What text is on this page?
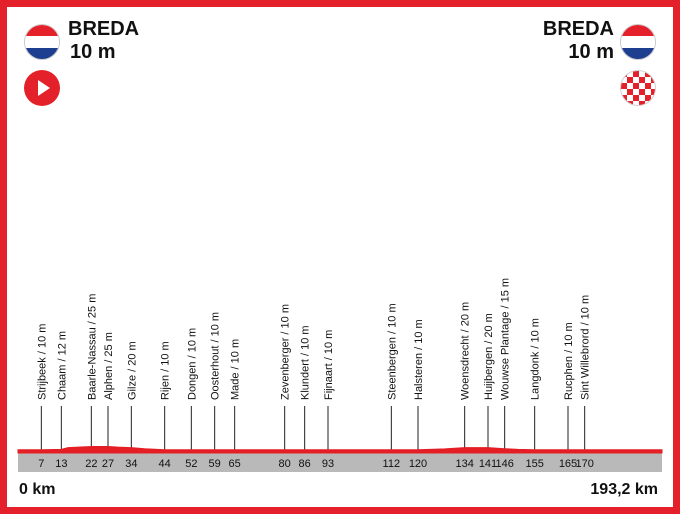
BREDA
10 m
BREDA
10 m
Strijbeek / 10 m Chaam / 12 m Baarle-Nassau / 25 m Alphen / 25 m Gilze / 20 m Rijen / 10 m Dongen / 10 m Oosterhout / 10 m Made / 10 m	Zevenberger / 10 m Klundert / 10 m Fijnaart / 10 m	Steenbergen / 10 m Halsteren / 10 m	Woensdrecht / 20 m Huijbergen / 20 m Wouwse Plantage / 15 m Langdonk / 10 m Rucphen / 10 m Sint Willebrord / 10 m
7 13 22 27 34 44 52 59 65	80 86 93	112 120	134 141
146 155 165
170
0 km	193,2 km
